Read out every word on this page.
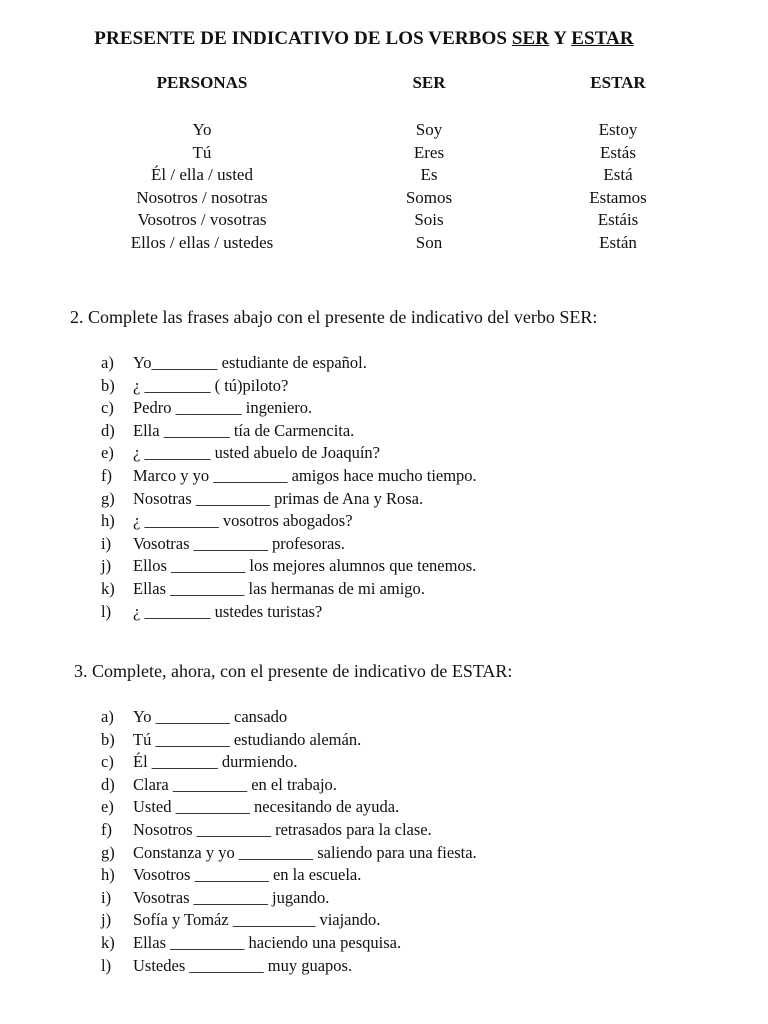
PRESENTE DE INDICATIVO DE LOS VERBOS SER Y ESTAR
PERSONAS
Yo
Tú
Él / ella / usted
Nosotros / nosotras
Vosotros / vosotras
Ellos / ellas / ustedes
SER
Soy
Eres
Es
Somos
Sois
Son
ESTAR
Estoy
Estás
Está
Estamos
Estáis
Están
2. Complete las frases abajo con el presente de indicativo del verbo SER:
a) Yo________ estudiante de español.
b) ¿ ________ ( tú)piloto?
c) Pedro ________ ingeniero.
d) Ella ________ tía de Carmencita.
e) ¿ ________ usted abuelo de Joaquín?
f) Marco y yo _________ amigos hace mucho tiempo.
g) Nosotras _________ primas de Ana y Rosa.
h) ¿ _________ vosotros abogados?
i) Vosotras _________ profesoras.
j) Ellos _________ los mejores alumnos que tenemos.
k) Ellas _________ las hermanas de mi amigo.
l) ¿ ________ ustedes turistas?
3. Complete, ahora, con el presente de indicativo de ESTAR:
a) Yo _________ cansado
b) Tú _________ estudiando alemán.
c) Él ________ durmiendo.
d) Clara _________ en el trabajo.
e) Usted _________ necesitando de ayuda.
f) Nosotros _________ retrasados para la clase.
g) Constanza y yo _________ saliendo para una fiesta.
h) Vosotros _________ en la escuela.
i) Vosotras _________ jugando.
j) Sofía y Tomáz __________ viajando.
k) Ellas _________ haciendo una pesquisa.
l) Ustedes _________ muy guapos.
